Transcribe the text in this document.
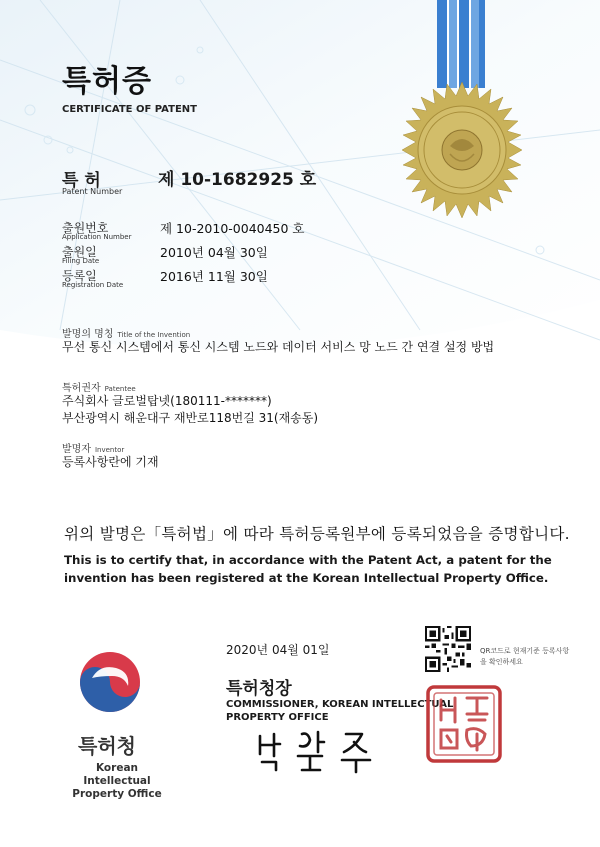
특허증
CERTIFICATE OF PATENT
특 허
Patent Number
제 10-1682925 호
출원번호
Application Number
제 10-2010-0040450 호
출원일
Filing Date
2010년 04월 30일
등록일
Registration Date
2016년 11월 30일
발명의 명칭 Title of the Invention
무선 통신 시스템에서 통신 시스템 노드와 데이터 서비스 망 노드 간 연결 설정 방법
특허권자 Patentee
주식회사 글로벌탑넷(180111-*******)
부산광역시 해운대구 재반로118번길 31(재송동)
발명자 Inventor
등록사항란에 기재
위의 발명은「특허법」에 따라 특허등록원부에 등록되었음을 증명합니다.
This is to certify that, in accordance with the Patent Act, a patent for the invention has been registered at the Korean Intellectual Property Office.
2020년 04월 01일	QR코드로 현재기준 등록사항을 확인하세요
특허청장
COMMISSIONER, KOREAN INTELLECTUAL PROPERTY OFFICE
특허청
Korean Intellectual Property Office
